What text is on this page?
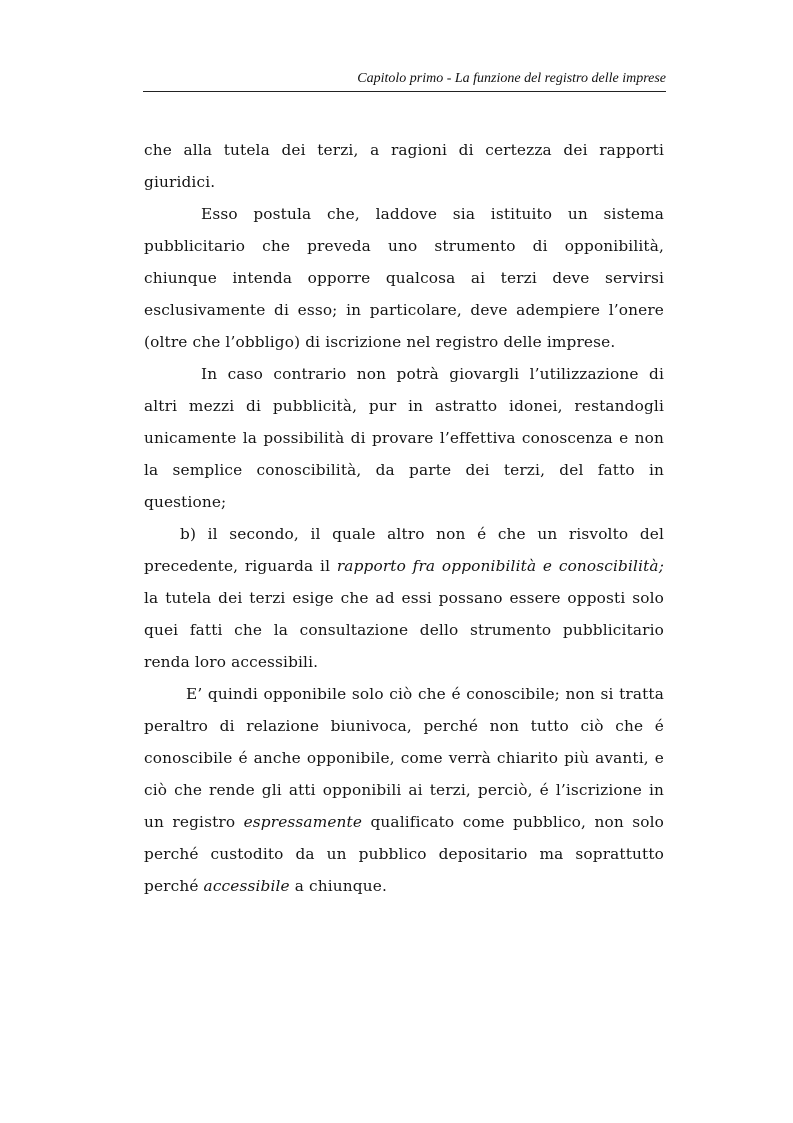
Capitolo primo - La funzione del registro delle imprese

che alla tutela dei terzi, a ragioni di certezza dei rapporti giuridici.

Esso postula che, laddove sia istituito un sistema pubblicitario che preveda uno strumento di opponibilità, chiunque intenda opporre qualcosa ai terzi deve servirsi esclusivamente di esso; in particolare, deve adempiere l’onere (oltre che l’obbligo) di iscrizione nel registro delle imprese.

In caso contrario non potrà giovargli l’utilizzazione di altri mezzi di pubblicità, pur in astratto idonei, restandogli unicamente la possibilità di provare l’effettiva conoscenza e non la semplice conoscibilità, da parte dei terzi, del fatto in questione;

b) il secondo, il quale altro non é che un risvolto del precedente, riguarda il rapporto fra opponibilità e conoscibilità; la tutela dei terzi esige che ad essi possano essere opposti solo quei fatti che la consultazione dello strumento pubblicitario renda loro accessibili.

E’ quindi opponibile solo ciò che é conoscibile; non si tratta peraltro di relazione biunivoca, perché non tutto ciò che é conoscibile é anche opponibile, come verrà chiarito più avanti, e ciò che rende gli atti opponibili ai terzi, perciò, é l’iscrizione in un registro espressamente qualificato come pubblico, non solo perché custodito da un pubblico depositario ma soprattutto perché accessibile a chiunque.
